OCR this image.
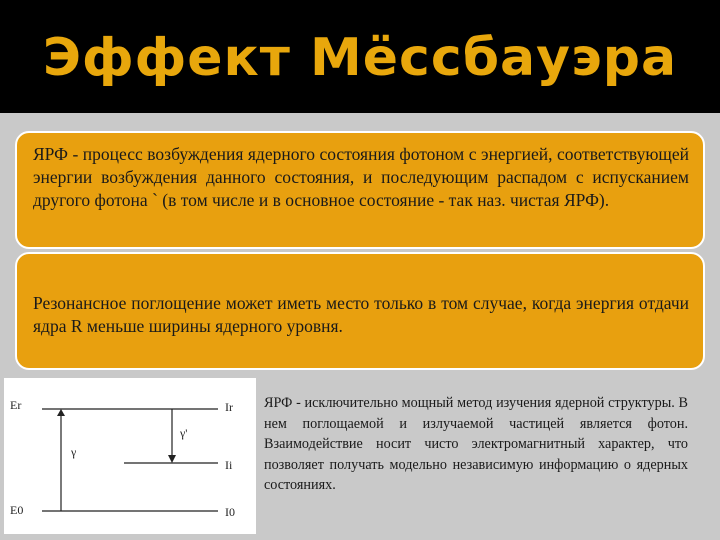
Эффект Мёссбауэра
ЯРФ - процесс возбуждения ядерного состояния фотоном с энергией, соответствующей энергии возбуждения данного состояния, и последующим распадом с испусканием другого фотона ` (в том числе и в основное состояние - так наз. чистая ЯРФ).
Резонансное поглощение может иметь место только в том случае, когда энергия отдачи ядра R меньше ширины ядерного уровня.
Er
E0
Ir
Ii
I0
γ
γ'
ЯРФ - исключительно мощный метод изучения ядерной структуры. В нем поглощаемой и излучаемой частицей является фотон. Взаимодействие носит чисто электромагнитный характер, что позволяет получать модельно независимую информацию о ядерных состояниях.
